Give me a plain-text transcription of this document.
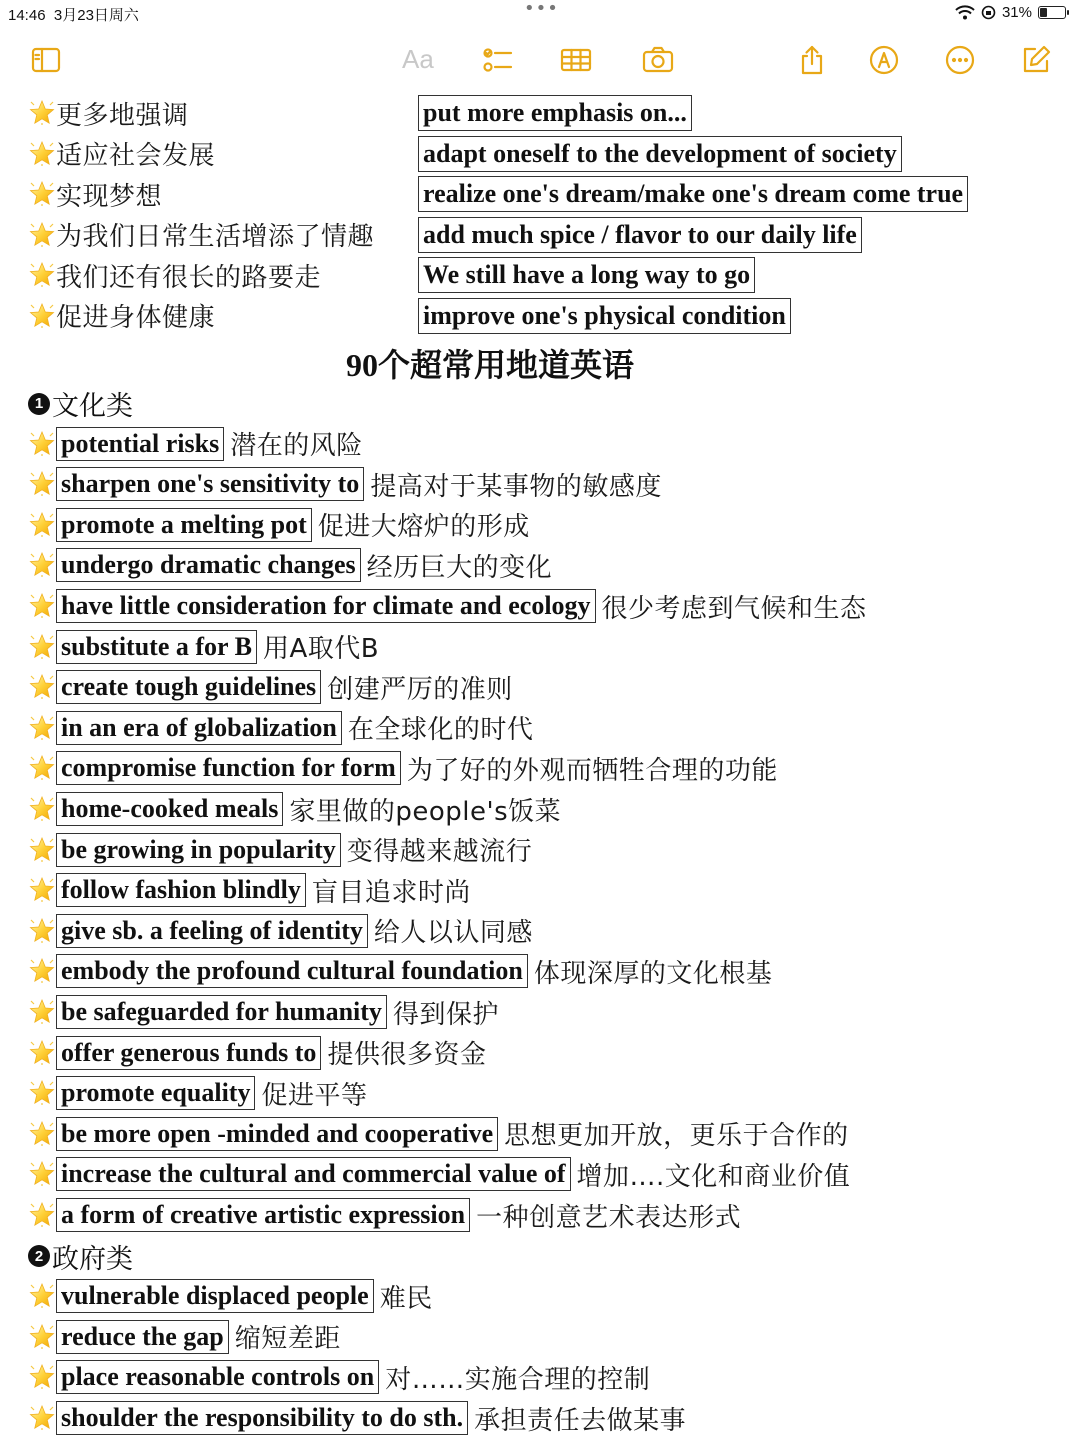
14:46 3月23日周六	•••	31%
Aa
更多地强调	put more emphasis on...
适应社会发展	adapt oneself to the development of society
实现梦想	realize one's dream/make one's dream come true
为我们日常生活增添了情趣 add much spice / flavor to our daily life
我们还有很长的路要走	We still have a long way to go
促进身体健康	improve one's physical condition
90个超常用地道英语
1 文化类
potential risks 潜在的风险
sharpen one's sensitivity to 提高对于某事物的敏感度
promote a melting pot 促进大熔炉的形成
undergo dramatic changes 经历巨大的变化
have little consideration for climate and ecology 很少考虑到气候和生态
substitute a for B 用A取代B
create tough guidelines 创建严厉的准则
in an era of globalization 在全球化的时代
compromise function for form 为了好的外观而牺牲合理的功能
home-cooked meals 家里做的people's饭菜
be growing in popularity 变得越来越流行
follow fashion blindly 盲目追求时尚
give sb. a feeling of identity 给人以认同感
embody the profound cultural foundation 体现深厚的文化根基
be safeguarded for humanity 得到保护
offer generous funds to 提供很多资金
promote equality 促进平等
be more open -minded and cooperative 思想更加开放，更乐于合作的
increase the cultural and commercial value of 增加….文化和商业价值
a form of creative artistic expression 一种创意艺术表达形式
2 政府类
vulnerable displaced people 难民
reduce the gap 缩短差距
place reasonable controls on 对……实施合理的控制
shoulder the responsibility to do sth. 承担责任去做某事
